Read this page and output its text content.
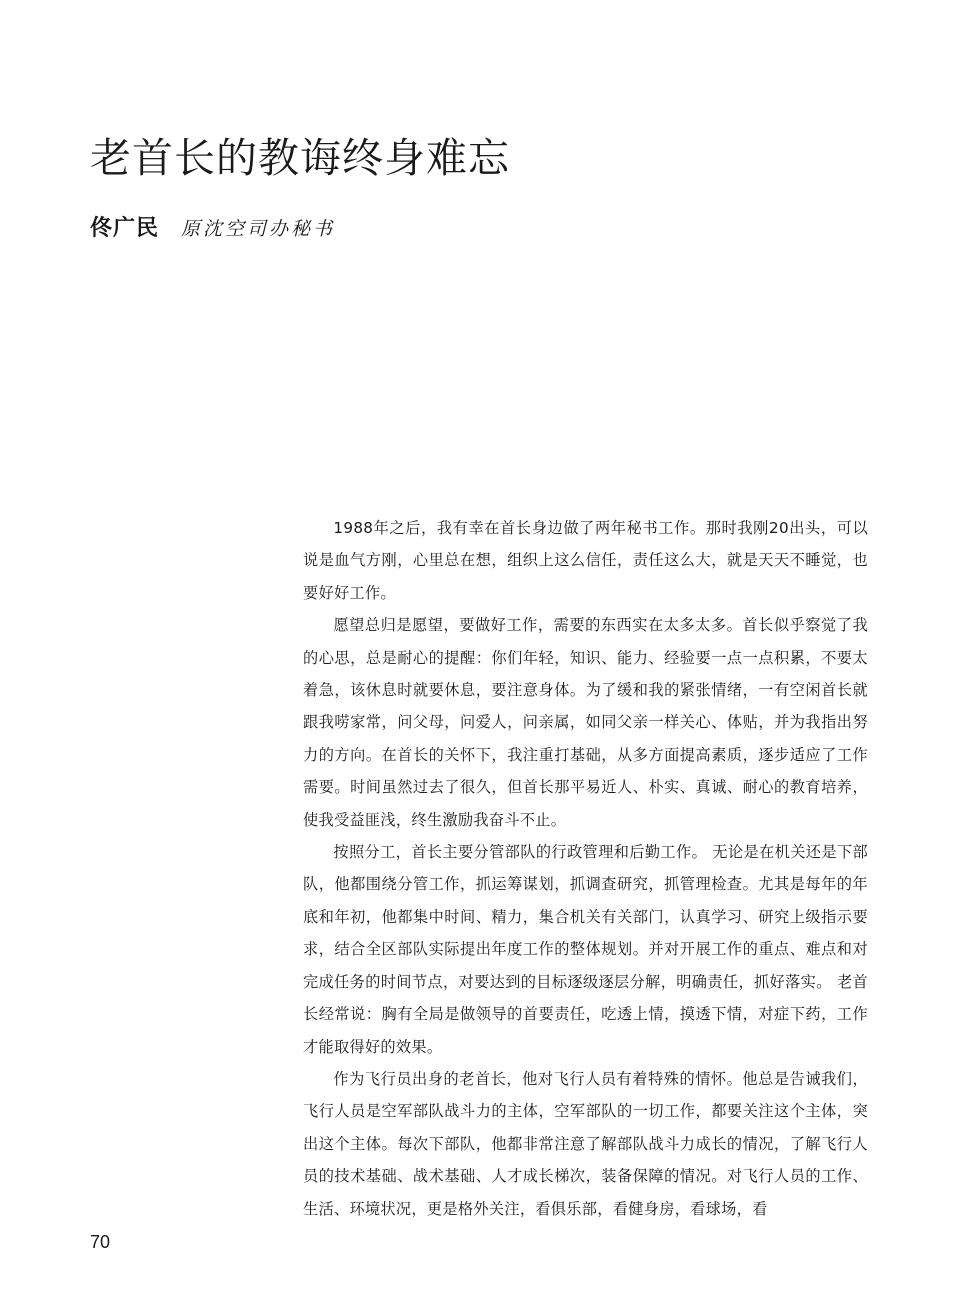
老首长的教诲终身难忘
佟广民 原沈空司办秘书

1988年之后，我有幸在首长身边做了两年秘书工作。那时我刚20出头，可以说是血气方刚，心里总在想，组织上这么信任，责任这么大，就是天天不睡觉，也要好好工作。

愿望总归是愿望，要做好工作，需要的东西实在太多太多。首长似乎察觉了我的心思，总是耐心的提醒：你们年轻，知识、能力、经验要一点一点积累，不要太着急，该休息时就要休息，要注意身体。为了缓和我的紧张情绪，一有空闲首长就跟我唠家常，问父母，问爱人，问亲属，如同父亲一样关心、体贴，并为我指出努力的方向。在首长的关怀下，我注重打基础，从多方面提高素质，逐步适应了工作需要。时间虽然过去了很久，但首长那平易近人、朴实、真诚、耐心的教育培养，使我受益匪浅，终生激励我奋斗不止。

按照分工，首长主要分管部队的行政管理和后勤工作。 无论是在机关还是下部队，他都围绕分管工作，抓运筹谋划，抓调查研究，抓管理检查。尤其是每年的年底和年初，他都集中时间、精力，集合机关有关部门，认真学习、研究上级指示要求，结合全区部队实际提出年度工作的整体规划。并对开展工作的重点、难点和对完成任务的时间节点，对要达到的目标逐级逐层分解，明确责任，抓好落实。 老首长经常说：胸有全局是做领导的首要责任，吃透上情，摸透下情，对症下药，工作才能取得好的效果。

作为飞行员出身的老首长，他对飞行人员有着特殊的情怀。他总是告诫我们，飞行人员是空军部队战斗力的主体，空军部队的一切工作，都要关注这个主体，突出这个主体。每次下部队，他都非常注意了解部队战斗力成长的情况，了解飞行人员的技术基础、战术基础、人才成长梯次，装备保障的情况。对飞行人员的工作、生活、环境状况，更是格外关注，看俱乐部，看健身房，看球场，看

70
